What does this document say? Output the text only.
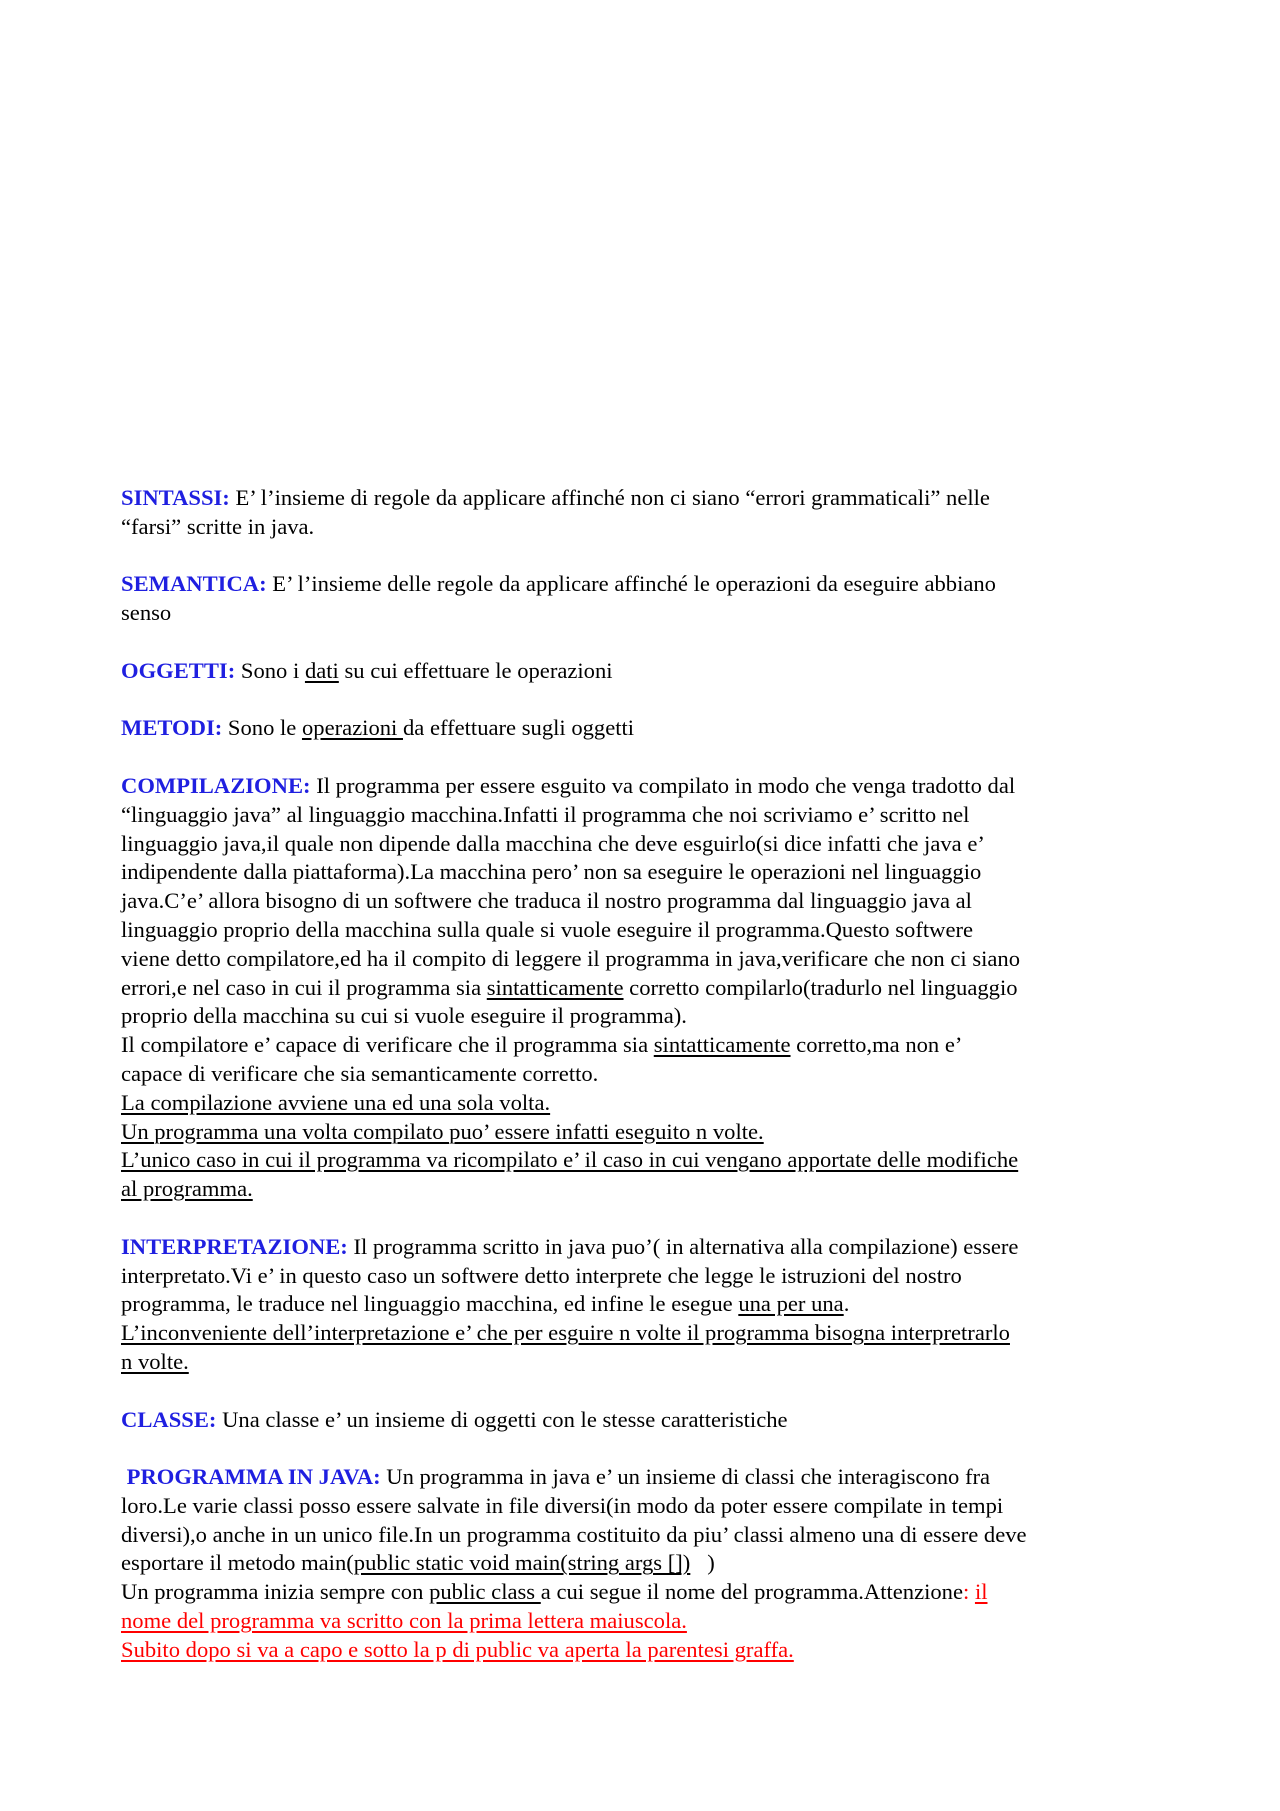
SINTASSI: E’ l’insieme di regole da applicare affinché non ci siano “errori grammaticali” nelle
“farsi” scritte in java.
SEMANTICA: E’ l’insieme delle regole da applicare affinché le operazioni da eseguire abbiano
senso
OGGETTI: Sono i dati su cui effettuare le operazioni
METODI: Sono le operazioni da effettuare sugli oggetti
COMPILAZIONE: Il programma per essere esguito va compilato in modo che venga tradotto dal
“linguaggio java” al linguaggio macchina.Infatti il programma che noi scriviamo e’ scritto nel
linguaggio java,il quale non dipende dalla macchina che deve esguirlo(si dice infatti che java e’
indipendente dalla piattaforma).La macchina pero’ non sa eseguire le operazioni nel linguaggio
java.C’e’ allora bisogno di un softwere che traduca il nostro programma dal linguaggio java al
linguaggio proprio della macchina sulla quale si vuole eseguire il programma.Questo softwere
viene detto compilatore,ed ha il compito di leggere il programma in java,verificare che non ci siano
errori,e nel caso in cui il programma sia sintatticamente corretto compilarlo(tradurlo nel linguaggio
proprio della macchina su cui si vuole eseguire il programma).
Il compilatore e’ capace di verificare che il programma sia sintatticamente corretto,ma non e’
capace di verificare che sia semanticamente corretto.
La compilazione avviene una ed una sola volta.
Un programma una volta compilato puo’ essere infatti eseguito n volte.
L’unico caso in cui il programma va ricompilato e’ il caso in cui vengano apportate delle modifiche
al programma.
INTERPRETAZIONE: Il programma scritto in java puo’( in alternativa alla compilazione) essere
interpretato.Vi e’ in questo caso un softwere detto interprete che legge le istruzioni del nostro
programma, le traduce nel linguaggio macchina, ed infine le esegue una per una.
L’inconveniente dell’interpretazione e’ che per esguire n volte il programma bisogna interpretrarlo
n volte.
CLASSE: Una classe e’ un insieme di oggetti con le stesse caratteristiche
PROGRAMMA IN JAVA: Un programma in java e’ un insieme di classi che interagiscono fra
loro.Le varie classi posso essere salvate in file diversi(in modo da poter essere compilate in tempi
diversi),o anche in un unico file.In un programma costituito da piu’ classi almeno una di essere deve
esportare il metodo main(public static void main(string args [])   )
Un programma inizia sempre con public class a cui segue il nome del programma.Attenzione: il
nome del programma va scritto con la prima lettera maiuscola.
Subito dopo si va a capo e sotto la p di public va aperta la parentesi graffa.
